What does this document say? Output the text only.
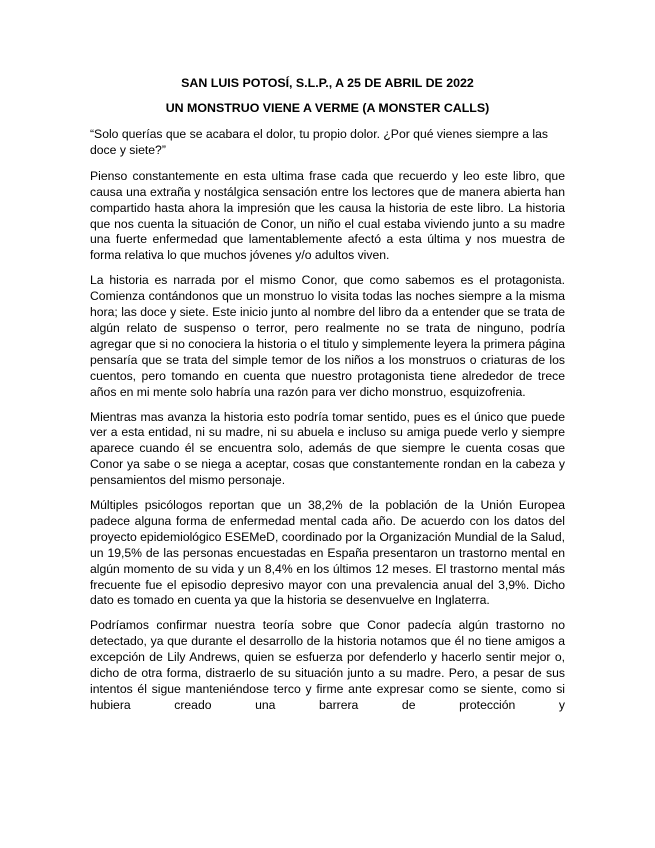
SAN LUIS POTOSÍ, S.L.P., A 25 DE ABRIL DE 2022

UN MONSTRUO VIENE A VERME (A MONSTER CALLS)

“Solo querías que se acabara el dolor, tu propio dolor. ¿Por qué vienes siempre a las doce y siete?”

Pienso constantemente en esta ultima frase cada que recuerdo y leo este libro, que causa una extraña y nostálgica sensación entre los lectores que de manera abierta han compartido hasta ahora la impresión que les causa la historia de este libro. La historia que nos cuenta la situación de Conor, un niño el cual estaba viviendo junto a su madre una fuerte enfermedad que lamentablemente afectó a esta última y nos muestra de forma relativa lo que muchos jóvenes y/o adultos viven.

La historia es narrada por el mismo Conor, que como sabemos es el protagonista. Comienza contándonos que un monstruo lo visita todas las noches siempre a la misma hora; las doce y siete. Este inicio junto al nombre del libro da a entender que se trata de algún relato de suspenso o terror, pero realmente no se trata de ninguno, podría agregar que si no conociera la historia o el titulo y simplemente leyera la primera página pensaría que se trata del simple temor de los niños a los monstruos o criaturas de los cuentos, pero tomando en cuenta que nuestro protagonista tiene alrededor de trece años en mi mente solo habría una razón para ver dicho monstruo, esquizofrenia.

Mientras mas avanza la historia esto podría tomar sentido, pues es el único que puede ver a esta entidad, ni su madre, ni su abuela e incluso su amiga puede verlo y siempre aparece cuando él se encuentra solo, además de que siempre le cuenta cosas que Conor ya sabe o se niega a aceptar, cosas que constantemente rondan en la cabeza y pensamientos del mismo personaje.

Múltiples psicólogos reportan que un 38,2% de la población de la Unión Europea padece alguna forma de enfermedad mental cada año. De acuerdo con los datos del proyecto epidemiológico ESEMeD, coordinado por la Organización Mundial de la Salud, un 19,5% de las personas encuestadas en España presentaron un trastorno mental en algún momento de su vida y un 8,4% en los últimos 12 meses. El trastorno mental más frecuente fue el episodio depresivo mayor con una prevalencia anual del 3,9%. Dicho dato es tomado en cuenta ya que la historia se desenvuelve en Inglaterra.

Podríamos confirmar nuestra teoría sobre que Conor padecía algún trastorno no detectado, ya que durante el desarrollo de la historia notamos que él no tiene amigos a excepción de Lily Andrews, quien se esfuerza por defenderlo y hacerlo sentir mejor o, dicho de otra forma, distraerlo de su situación junto a su madre. Pero, a pesar de sus intentos él sigue manteniéndose terco y firme ante expresar como se siente, como si hubiera creado una barrera de protección y
